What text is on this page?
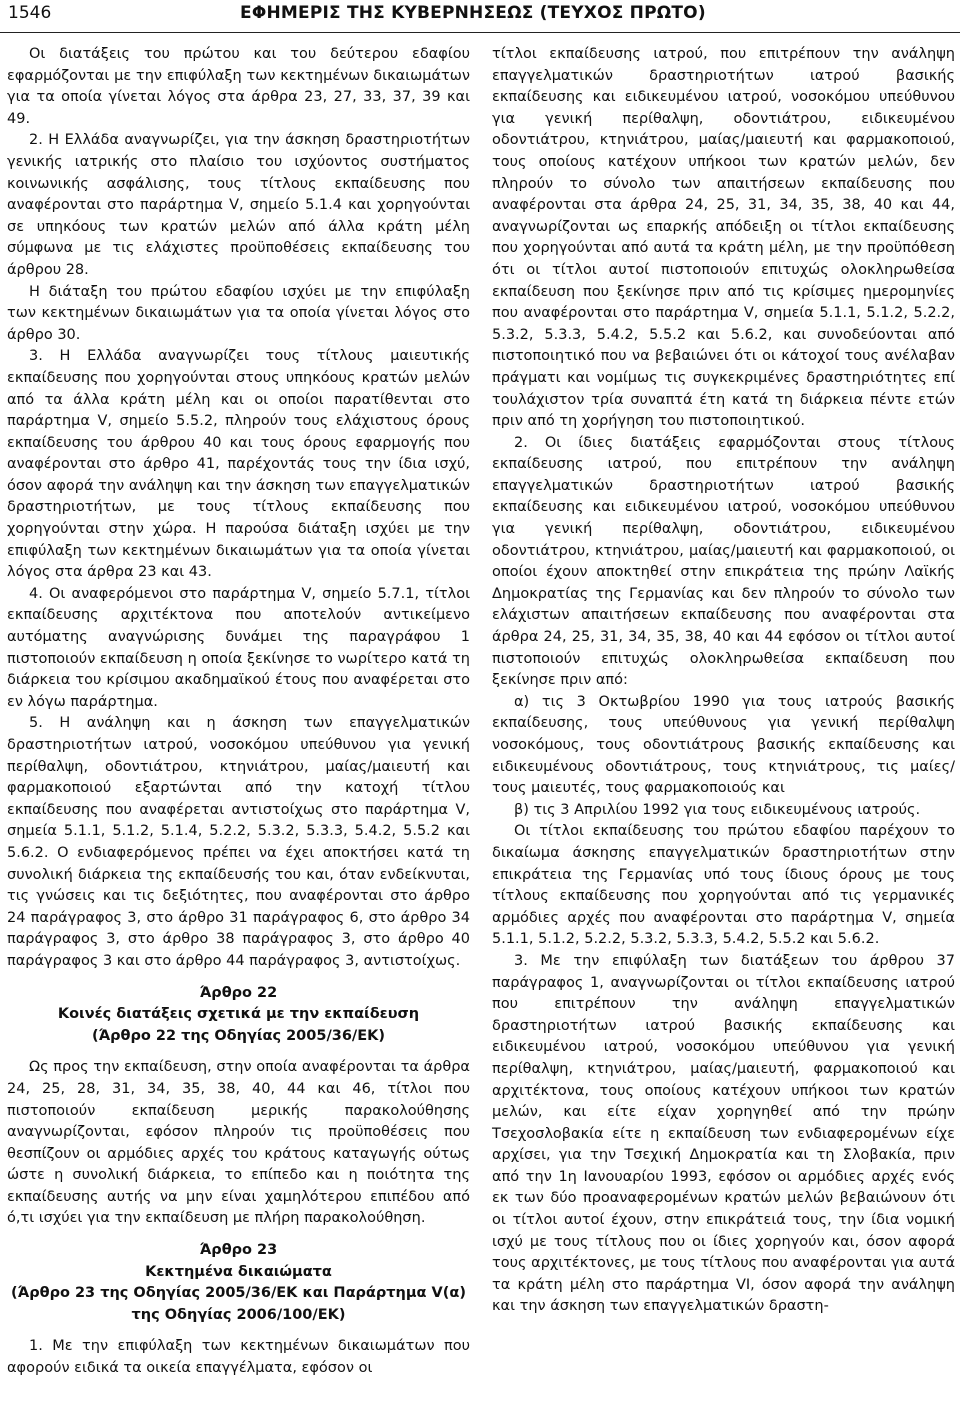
1546	ΕΦΗΜΕΡΙΣ ΤΗΣ ΚΥΒΕΡΝΗΣΕΩΣ (ΤΕΥΧΟΣ ΠΡΩΤΟ)

Οι διατάξεις του πρώτου και του δεύτερου εδαφίου εφαρμόζονται με την επιφύλαξη των κεκτημένων δικαιωμάτων για τα οποία γίνεται λόγος στα άρθρα 23, 27, 33, 37, 39 και 49.

2. Η Ελλάδα αναγνωρίζει, για την άσκηση δραστηριοτήτων γενικής ιατρικής στο πλαίσιο του ισχύοντος συστήματος κοινωνικής ασφάλισης, τους τίτλους εκπαίδευσης που αναφέρονται στο παράρτημα V, σημείο 5.1.4 και χορηγούνται σε υπηκόους των κρατών μελών από άλλα κράτη μέλη σύμφωνα με τις ελάχιστες προϋποθέσεις εκπαίδευσης του άρθρου 28.

Η διάταξη του πρώτου εδαφίου ισχύει με την επιφύλαξη των κεκτημένων δικαιωμάτων για τα οποία γίνεται λόγος στο άρθρο 30.

3. Η Ελλάδα αναγνωρίζει τους τίτλους μαιευτικής εκπαίδευσης που χορηγούνται στους υπηκόους κρατών μελών από τα άλλα κράτη μέλη και οι οποίοι παρατίθενται στο παράρτημα V, σημείο 5.5.2, πληρούν τους ελάχιστους όρους εκπαίδευσης του άρθρου 40 και τους όρους εφαρμογής που αναφέρονται στο άρθρο 41, παρέχοντάς τους την ίδια ισχύ, όσον αφορά την ανάληψη και την άσκηση των επαγγελματικών δραστηριοτήτων, με τους τίτλους εκπαίδευσης που χορηγούνται στην χώρα. Η παρούσα διάταξη ισχύει με την επιφύλαξη των κεκτημένων δικαιωμάτων για τα οποία γίνεται λόγος στα άρθρα 23 και 43.

4. Οι αναφερόμενοι στο παράρτημα V, σημείο 5.7.1, τίτλοι εκπαίδευσης αρχιτέκτονα που αποτελούν αντικείμενο αυτόματης αναγνώρισης δυνάμει της παραγράφου 1 πιστοποιούν εκπαίδευση η οποία ξεκίνησε το νωρίτερο κατά τη διάρκεια του κρίσιμου ακαδημαϊκού έτους που αναφέρεται στο εν λόγω παράρτημα.

5. Η ανάληψη και η άσκηση των επαγγελματικών δραστηριοτήτων ιατρού, νοσοκόμου υπεύθυνου για γενική περίθαλψη, οδοντιάτρου, κτηνιάτρου, μαίας/μαιευτή και φαρμακοποιού εξαρτώνται από την κατοχή τίτλου εκπαίδευσης που αναφέρεται αντιστοίχως στο παράρτημα V, σημεία 5.1.1, 5.1.2, 5.1.4, 5.2.2, 5.3.2, 5.3.3, 5.4.2, 5.5.2 και 5.6.2. Ο ενδιαφερόμενος πρέπει να έχει αποκτήσει κατά τη συνολική διάρκεια της εκπαίδευσής του και, όταν ενδείκνυται, τις γνώσεις και τις δεξιότητες, που αναφέρονται στο άρθρο 24 παράγραφος 3, στο άρθρο 31 παράγραφος 6, στο άρθρο 34 παράγραφος 3, στο άρθρο 38 παράγραφος 3, στο άρθρο 40 παράγραφος 3 και στο άρθρο 44 παράγραφος 3, αντιστοίχως.

Άρθρο 22

Κοινές διατάξεις σχετικά με την εκπαίδευση

(Άρθρο 22 της Οδηγίας 2005/36/ΕΚ)

Ως προς την εκπαίδευση, στην οποία αναφέρονται τα άρθρα 24, 25, 28, 31, 34, 35, 38, 40, 44 και 46, τίτλοι που πιστοποιούν εκπαίδευση μερικής παρακολούθησης αναγνωρίζονται, εφόσον πληρούν τις προϋποθέσεις που θεσπίζουν οι αρμόδιες αρχές του κράτους καταγωγής ούτως ώστε η συνολική διάρκεια, το επίπεδο και η ποιότητα της εκπαίδευσης αυτής να μην είναι χαμηλότερου επιπέδου από ό,τι ισχύει για την εκπαίδευση με πλήρη παρακολούθηση.

Άρθρο 23

Κεκτημένα δικαιώματα

(Άρθρο 23 της Οδηγίας 2005/36/ΕΚ και Παράρτημα V(α) της Οδηγίας 2006/100/ΕΚ)

1. Με την επιφύλαξη των κεκτημένων δικαιωμάτων που αφορούν ειδικά τα οικεία επαγγέλματα, εφόσον οι

τίτλοι εκπαίδευσης ιατρού, που επιτρέπουν την ανάληψη επαγγελματικών δραστηριοτήτων ιατρού βασικής εκπαίδευσης και ειδικευμένου ιατρού, νοσοκόμου υπεύθυνου για γενική περίθαλψη, οδοντιάτρου, ειδικευμένου οδοντιάτρου, κτηνιάτρου, μαίας/μαιευτή και φαρμακοποιού, τους οποίους κατέχουν υπήκοοι των κρατών μελών, δεν πληρούν το σύνολο των απαιτήσεων εκπαίδευσης που αναφέρονται στα άρθρα 24, 25, 31, 34, 35, 38, 40 και 44, αναγνωρίζονται ως επαρκής απόδειξη οι τίτλοι εκπαίδευσης που χορηγούνται από αυτά τα κράτη μέλη, με την προϋπόθεση ότι οι τίτλοι αυτοί πιστοποιούν επιτυχώς ολοκληρωθείσα εκπαίδευση που ξεκίνησε πριν από τις κρίσιμες ημερομηνίες που αναφέρονται στο παράρτημα V, σημεία 5.1.1, 5.1.2, 5.2.2, 5.3.2, 5.3.3, 5.4.2, 5.5.2 και 5.6.2, και συνοδεύονται από πιστοποιητικό που να βεβαιώνει ότι οι κάτοχοί τους ανέλαβαν πράγματι και νομίμως τις συγκεκριμένες δραστηριότητες επί τουλάχιστον τρία συναπτά έτη κατά τη διάρκεια πέντε ετών πριν από τη χορήγηση του πιστοποιητικού.

2. Οι ίδιες διατάξεις εφαρμόζονται στους τίτλους εκπαίδευσης ιατρού, που επιτρέπουν την ανάληψη επαγγελματικών δραστηριοτήτων ιατρού βασικής εκπαίδευσης και ειδικευμένου ιατρού, νοσοκόμου υπεύθυνου για γενική περίθαλψη, οδοντιάτρου, ειδικευμένου οδοντιάτρου, κτηνιάτρου, μαίας/μαιευτή και φαρμακοποιού, οι οποίοι έχουν αποκτηθεί στην επικράτεια της πρώην Λαϊκής Δημοκρατίας της Γερμανίας και δεν πληρούν το σύνολο των ελάχιστων απαιτήσεων εκπαίδευσης που αναφέρονται στα άρθρα 24, 25, 31, 34, 35, 38, 40 και 44 εφόσον οι τίτλοι αυτοί πιστοποιούν επιτυχώς ολοκληρωθείσα εκπαίδευση που ξεκίνησε πριν από:

α) τις 3 Οκτωβρίου 1990 για τους ιατρούς βασικής εκπαίδευσης, τους υπεύθυνους για γενική περίθαλψη νοσοκόμους, τους οδοντιάτρους βασικής εκπαίδευσης και ειδικευμένους οδοντιάτρους, τους κτηνιάτρους, τις μαίες/τους μαιευτές, τους φαρμακοποιούς και

β) τις 3 Απριλίου 1992 για τους ειδικευμένους ιατρούς.

Οι τίτλοι εκπαίδευσης του πρώτου εδαφίου παρέχουν το δικαίωμα άσκησης επαγγελματικών δραστηριοτήτων στην επικράτεια της Γερμανίας υπό τους ίδιους όρους με τους τίτλους εκπαίδευσης που χορηγούνται από τις γερμανικές αρμόδιες αρχές που αναφέρονται στο παράρτημα V, σημεία 5.1.1, 5.1.2, 5.2.2, 5.3.2, 5.3.3, 5.4.2, 5.5.2 και 5.6.2.

3. Με την επιφύλαξη των διατάξεων του άρθρου 37 παράγραφος 1, αναγνωρίζονται οι τίτλοι εκπαίδευσης ιατρού που επιτρέπουν την ανάληψη επαγγελματικών δραστηριοτήτων ιατρού βασικής εκπαίδευσης και ειδικευμένου ιατρού, νοσοκόμου υπεύθυνου για γενική περίθαλψη, κτηνιάτρου, μαίας/μαιευτή, φαρμακοποιού και αρχιτέκτονα, τους οποίους κατέχουν υπήκοοι των κρατών μελών, και είτε είχαν χορηγηθεί από την πρώην Τσεχοσλοβακία είτε η εκπαίδευση των ενδιαφερομένων είχε αρχίσει, για την Τσεχική Δημοκρατία και τη Σλοβακία, πριν από την 1η Ιανουαρίου 1993, εφόσον οι αρμόδιες αρχές ενός εκ των δύο προαναφερομένων κρατών μελών βεβαιώνουν ότι οι τίτλοι αυτοί έχουν, στην επικράτειά τους, την ίδια νομική ισχύ με τους τίτλους που οι ίδιες χορηγούν και, όσον αφορά τους αρχιτέκτονες, με τους τίτλους που αναφέρονται για αυτά τα κράτη μέλη στο παράρτημα VI, όσον αφορά την ανάληψη και την άσκηση των επαγγελματικών δραστη-
